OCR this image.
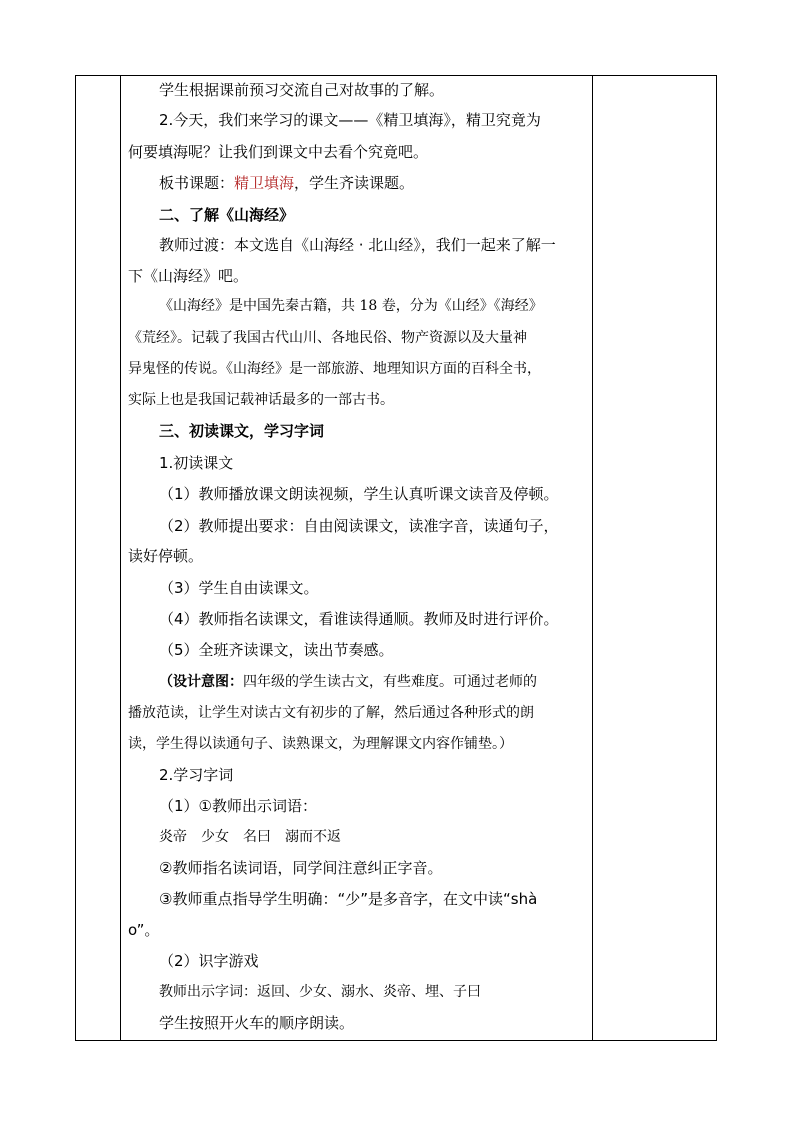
学生根据课前预习交流自己对故事的了解。
2.今天，我们来学习的课文——《精卫填海》，精卫究竟为
何要填海呢？让我们到课文中去看个究竟吧。
板书课题：精卫填海，学生齐读课题。
二、了解《山海经》
教师过渡：本文选自《山海经 · 北山经》，我们一起来了解一
下《山海经》吧。
《山海经》是中国先秦古籍，共 18 卷，分为《山经》《海经》
《荒经》。记载了我国古代山川、各地民俗、物产资源以及大量神
异鬼怪的传说。《山海经》是一部旅游、地理知识方面的百科全书，
实际上也是我国记载神话最多的一部古书。
三、初读课文，学习字词
1.初读课文
（1）教师播放课文朗读视频，学生认真听课文读音及停顿。
（2）教师提出要求：自由阅读课文，读准字音，读通句子，
读好停顿。
（3）学生自由读课文。
（4）教师指名读课文，看谁读得通顺。教师及时进行评价。
（5）全班齐读课文，读出节奏感。
（设计意图：四年级的学生读古文，有些难度。可通过老师的
播放范读，让学生对读古文有初步的了解，然后通过各种形式的朗
读，学生得以读通句子、读熟课文，为理解课文内容作铺垫。）
2.学习字词
（1）①教师出示词语：
炎帝　少女　名曰　溺而不返
②教师指名读词语，同学间注意纠正字音。
③教师重点指导学生明确：“少”是多音字，在文中读“shà
o”。
（2）识字游戏
教师出示字词：返回、少女、溺水、炎帝、埋、子曰
学生按照开火车的顺序朗读。
